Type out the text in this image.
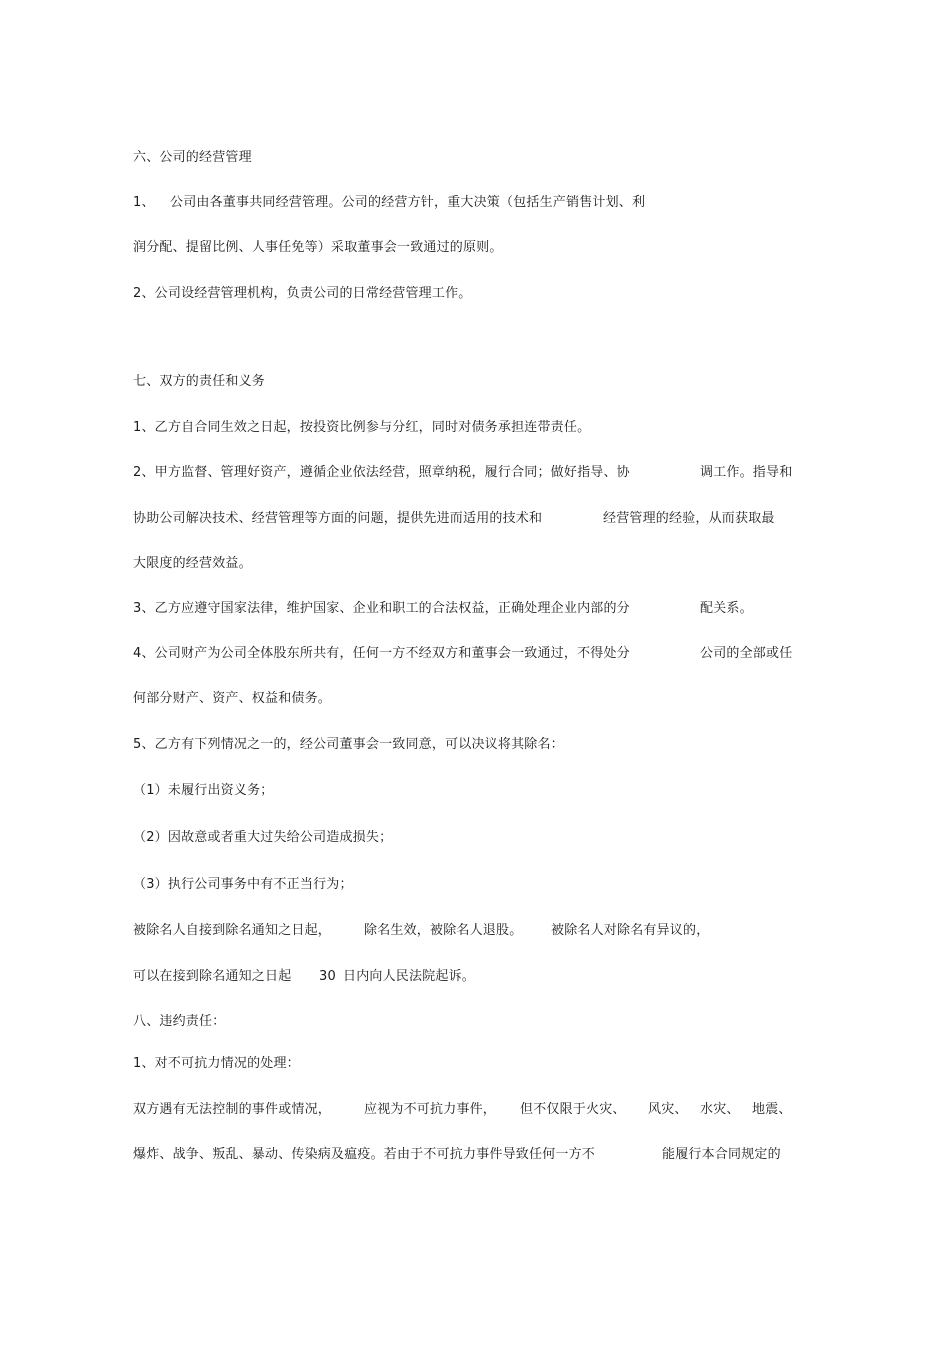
六、公司的经营管理

1、

公司由各董事共同经营管理。公司的经营方针，重大决策（包括生产销售计划、利

润分配、提留比例、人事任免等）采取董事会一致通过的原则。
2、公司设经营管理机构，负责公司的日常经营管理工作。
七、双方的责任和义务
1、乙方自合同生效之日起，按投资比例参与分红，同时对债务承担连带责任。

2、甲方监督、管理好资产，遵循企业依法经营，照章纳税，履行合同；做好指导、协

	调工作。指导和

协助公司解决技术、经营管理等方面的问题，提供先进而适用的技术和

	经营管理的经验，从而获取最

大限度的经营效益。

3、乙方应遵守国家法律，维护国家、企业和职工的合法权益，正确处理企业内部的分

	配关系。

4、公司财产为公司全体股东所共有，任何一方不经双方和董事会一致通过，不得处分

	公司的全部或任

何部分财产、资产、权益和债务。
5、乙方有下列情况之一的，经公司董事会一致同意，可以决议将其除名：
（1）未履行出资义务；
（2）因故意或者重大过失给公司造成损失；
（3）执行公司事务中有不正当行为；

被除名人自接到除名通知之日起，

	除名生效，被除名人退股。

被除名人对除名有异议的，

可以在接到除名通知之日起

30

日内向人民法院起诉。

八、违约责任：
1、对不可抗力情况的处理：

双方遇有无法控制的事件或情况，

	应视为不可抗力事件，

但不仅限于火灾、

风灾、

水灾、

地震、

爆炸、战争、叛乱、暴动、传染病及瘟疫。若由于不可抗力事件导致任何一方不

	能履行本合同规定的
